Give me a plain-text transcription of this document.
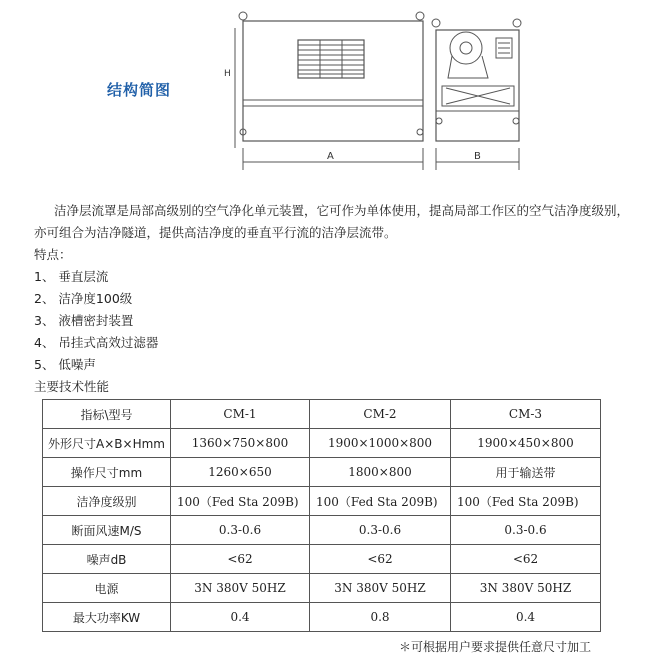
结构简图
H
A	B

洁净层流罩是局部高级别的空气净化单元装置，它可作为单体使用，提高局部工作区的空气洁净度级别，亦可组合为洁净隧道，提供高洁净度的垂直平行流的洁净层流带。

特点：

1、 垂直层流

2、 洁净度100级

3、 液槽密封装置

4、 吊挂式高效过滤器

5、 低噪声

主要技术性能

指标\型号	CM-1	CM-2	CM-3
外形尺寸A×B×Hmm	1360×750×800	1900×1000×800	1900×450×800
操作尺寸mm	1260×650	1800×800	用于输送带
洁净度级别	100（Fed Sta 209B)	100（Fed Sta 209B)	100（Fed Sta 209B)
断面风速M/S	0.3-0.6	0.3-0.6	0.3-0.6
噪声dB	<62	<62	<62
电源	3N 380V 50HZ	3N 380V 50HZ	3N 380V 50HZ
最大功率KW	0.4	0.8	0.4
＊可根据用户要求提供任意尺寸加工
